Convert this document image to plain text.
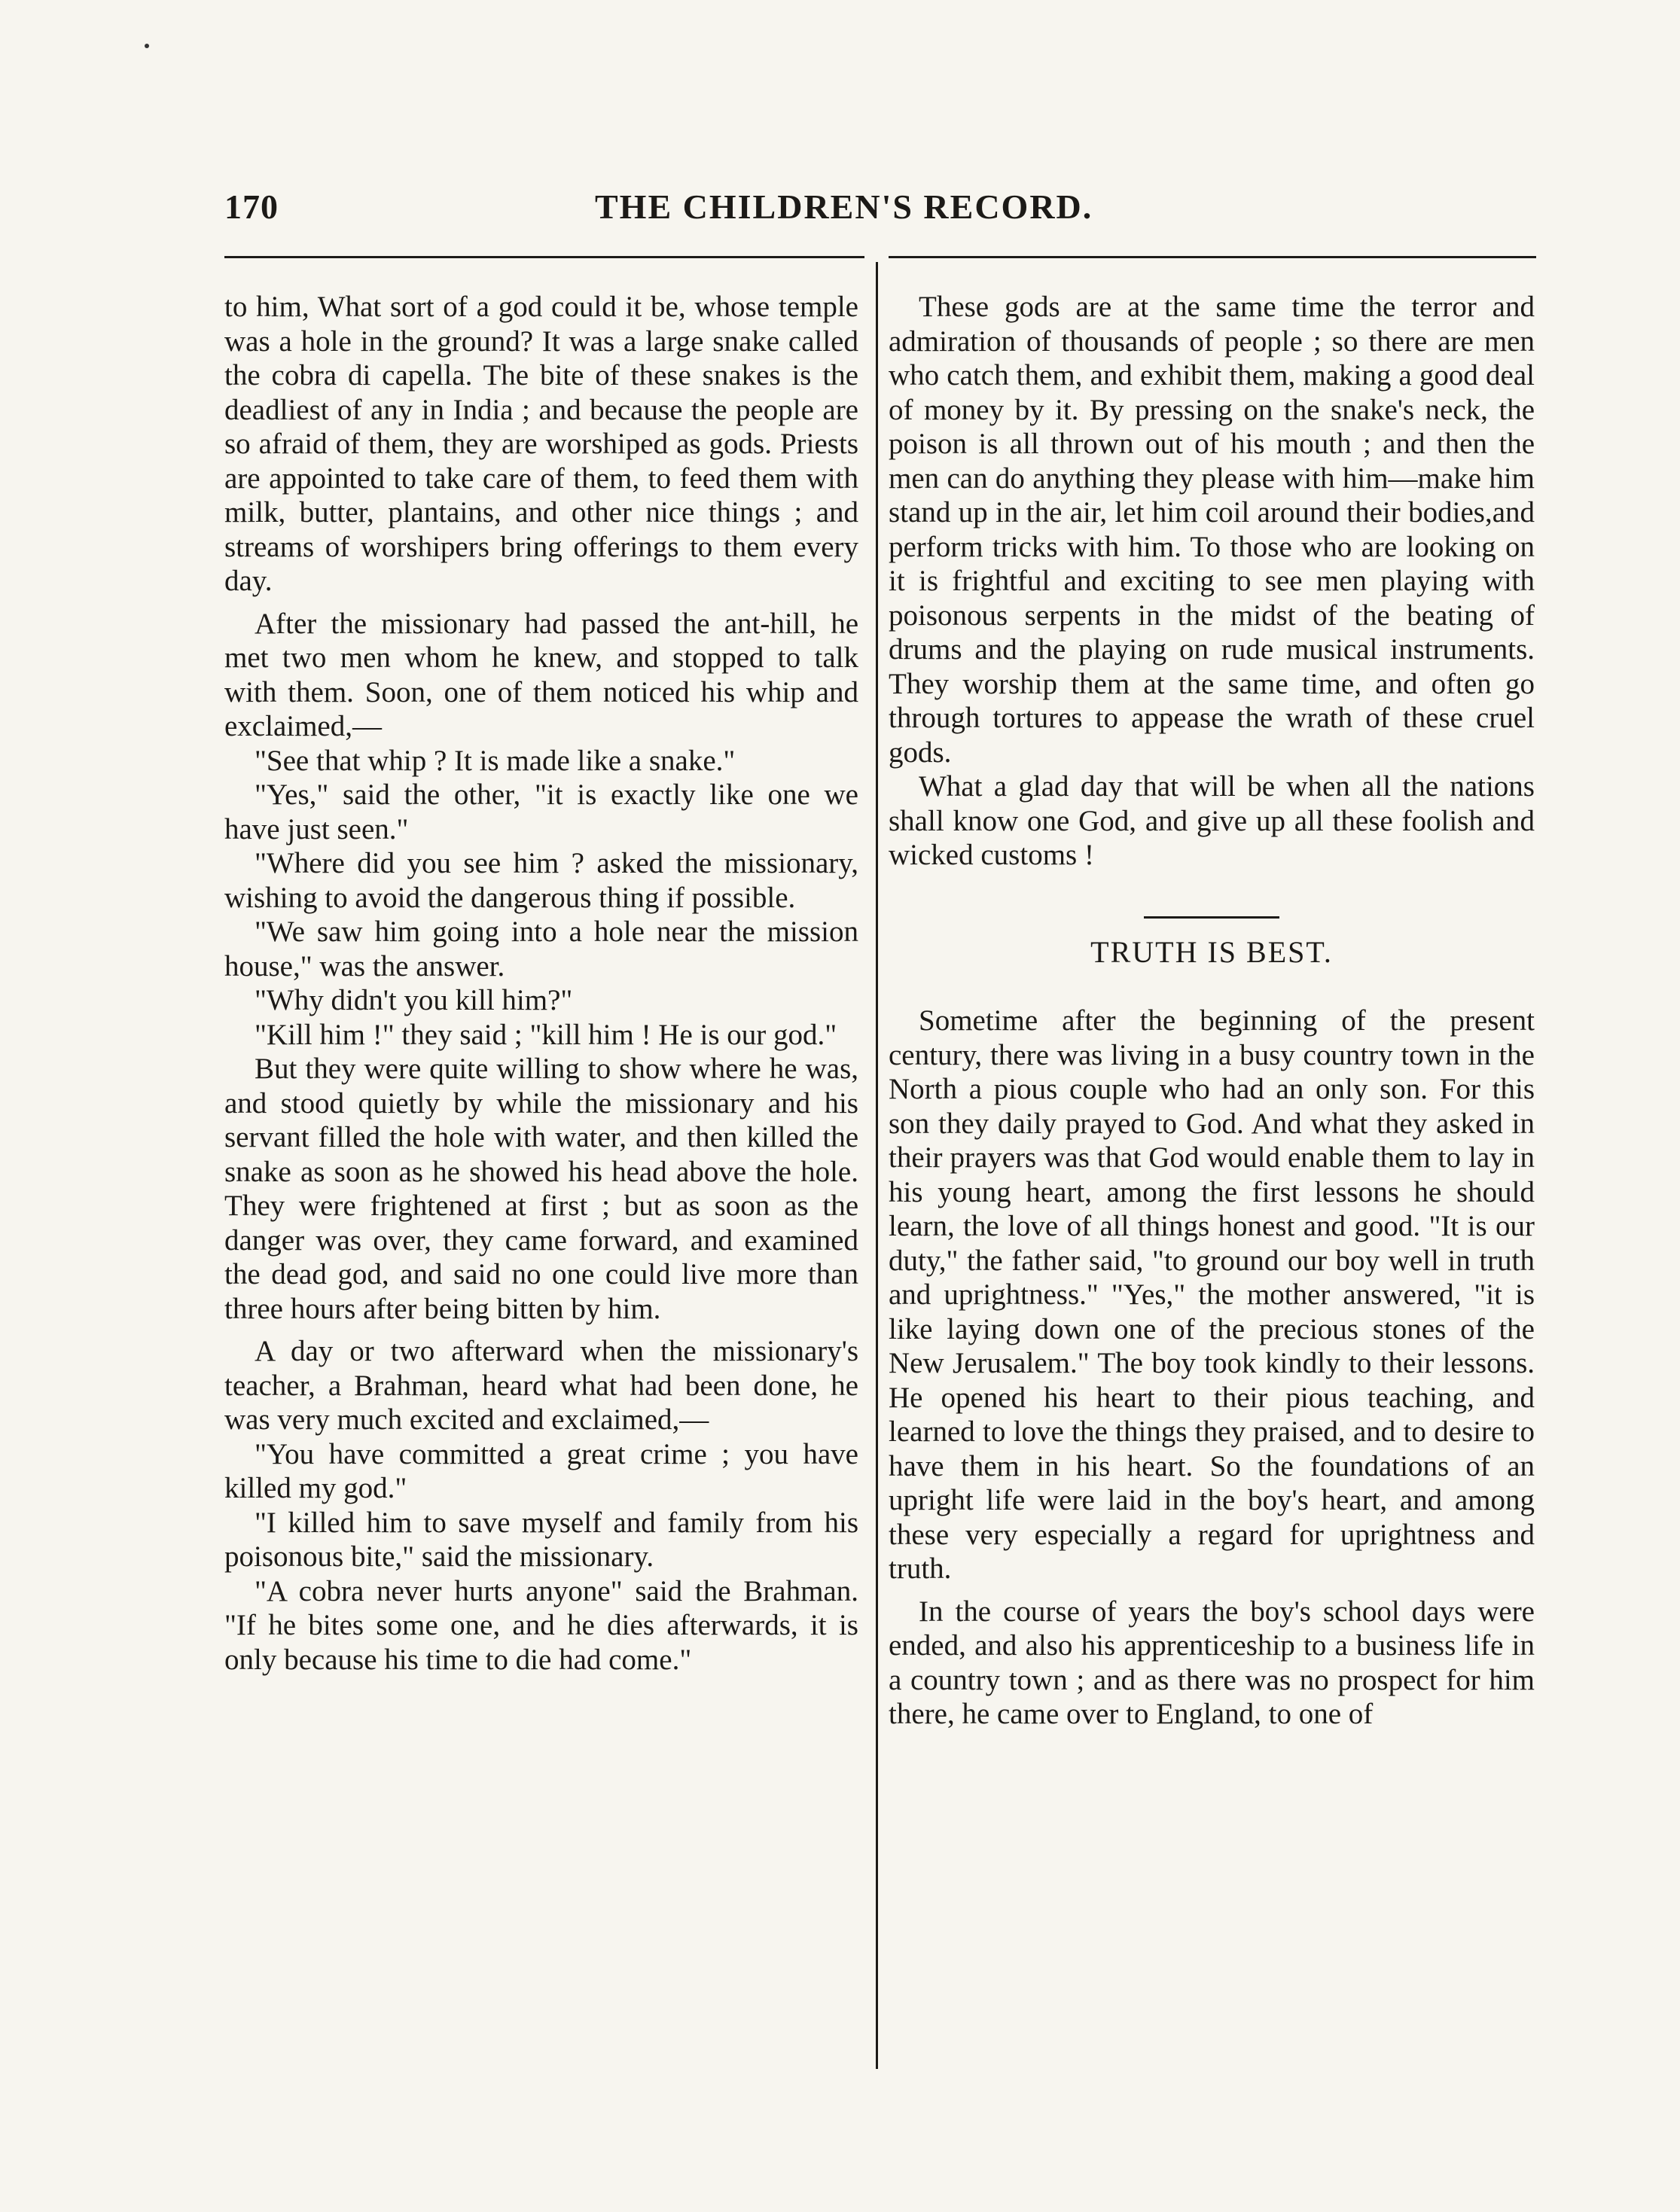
170	THE CHILDREN'S RECORD.

to him, What sort of a god could it be, whose temple was a hole in the ground? It was a large snake called the cobra di capella. The bite of these snakes is the deadliest of any in India ; and because the people are so afraid of them, they are worshiped as gods. Priests are appointed to take care of them, to feed them with milk, butter, plantains, and other nice things ; and streams of worshipers bring offerings to them every day.

After the missionary had passed the ant-hill, he met two men whom he knew, and stopped to talk with them. Soon, one of them noticed his whip and exclaimed,—

"See that whip ? It is made like a snake."

"Yes," said the other, "it is exactly like one we have just seen."

"Where did you see him ? asked the missionary, wishing to avoid the dangerous thing if possible.

"We saw him going into a hole near the mission house," was the answer.

"Why didn't you kill him?"

"Kill him !" they said ; "kill him ! He is our god."

But they were quite willing to show where he was, and stood quietly by while the missionary and his servant filled the hole with water, and then killed the snake as soon as he showed his head above the hole. They were frightened at first ; but as soon as the danger was over, they came forward, and examined the dead god, and said no one could live more than three hours after being bitten by him.

A day or two afterward when the missionary's teacher, a Brahman, heard what had been done, he was very much excited and exclaimed,—

"You have committed a great crime ; you have killed my god."

"I killed him to save myself and family from his poisonous bite," said the missionary.

"A cobra never hurts anyone" said the Brahman. "If he bites some one, and he dies afterwards, it is only because his time to die had come."

These gods are at the same time the terror and admiration of thousands of people ; so there are men who catch them, and exhibit them, making a good deal of money by it. By pressing on the snake's neck, the poison is all thrown out of his mouth ; and then the men can do anything they please with him—make him stand up in the air, let him coil around their bodies,and perform tricks with him. To those who are looking on it is frightful and exciting to see men playing with poisonous serpents in the midst of the beating of drums and the playing on rude musical instruments. They worship them at the same time, and often go through tortures to appease the wrath of these cruel gods.

What a glad day that will be when all the nations shall know one God, and give up all these foolish and wicked customs !

TRUTH IS BEST.

Sometime after the beginning of the present century, there was living in a busy country town in the North a pious couple who had an only son. For this son they daily prayed to God. And what they asked in their prayers was that God would enable them to lay in his young heart, among the first lessons he should learn, the love of all things honest and good. "It is our duty," the father said, "to ground our boy well in truth and uprightness." "Yes," the mother answered, "it is like laying down one of the precious stones of the New Jerusalem." The boy took kindly to their lessons. He opened his heart to their pious teaching, and learned to love the things they praised, and to desire to have them in his heart. So the foundations of an upright life were laid in the boy's heart, and among these very especially a regard for uprightness and truth.

In the course of years the boy's school days were ended, and also his apprenticeship to a business life in a country town ; and as there was no prospect for him there, he came over to England, to one of
